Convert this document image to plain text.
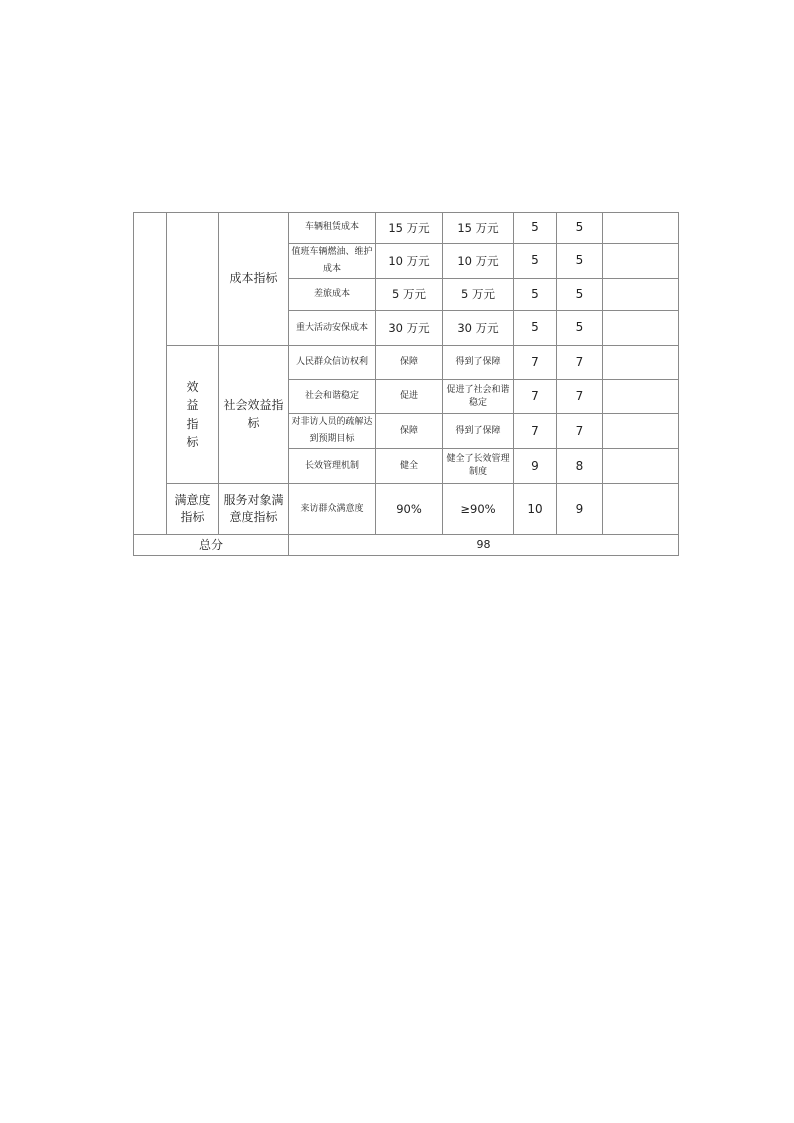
		成本指标	车辆租赁成本	15 万元	15 万元	5	5	
			值班车辆燃油、维护成本	10 万元	10 万元	5	5	
			差旅成本	5 万元	5 万元	5	5	
			重大活动安保成本	30 万元	30 万元	5	5	
	效益指标	社会效益指标	人民群众信访权利	保障	得到了保障	7	7	
			社会和谐稳定	促进	促进了社会和谐稳定	7	7	
			对非访人员的疏解达到预期目标	保障	得到了保障	7	7	
			长效管理机制	健全	健全了长效管理制度	9	8	
	满意度指标	服务对象满意度指标	来访群众满意度	90%	≥90%	10	9	
总分			98					
